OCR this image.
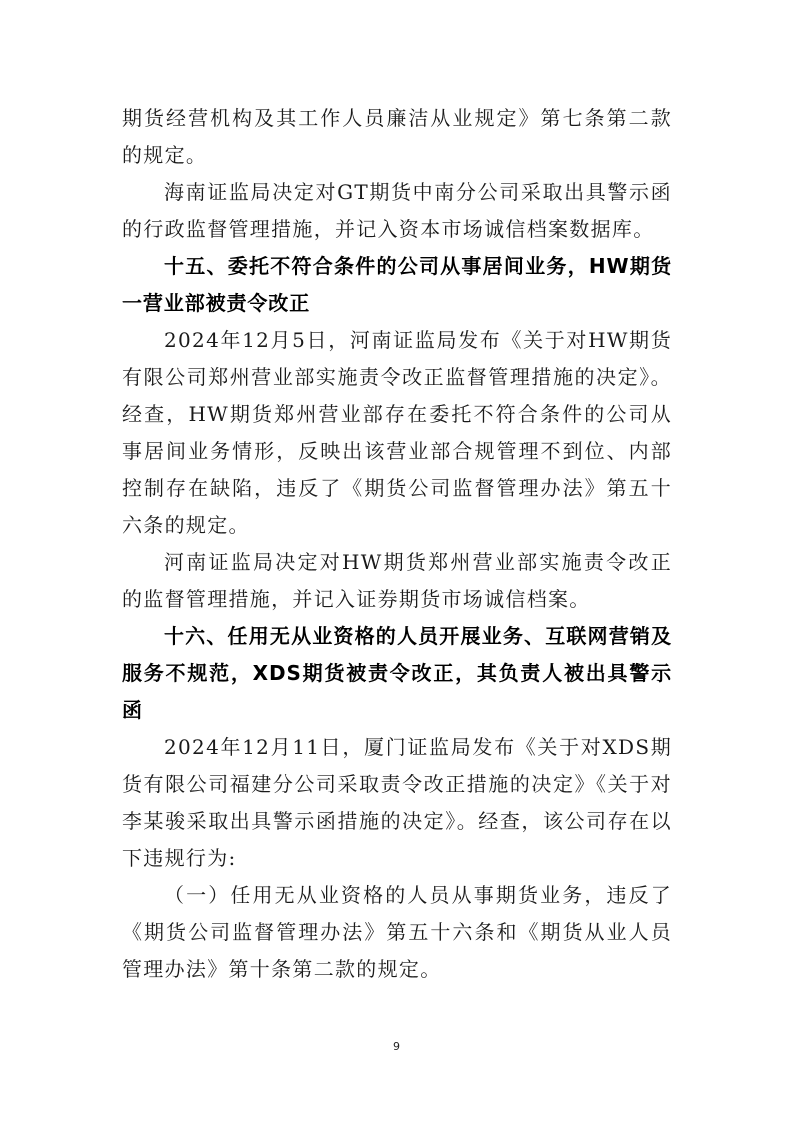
期货经营机构及其工作人员廉洁从业规定》第七条第二款的规定。

海南证监局决定对GT期货中南分公司采取出具警示函的行政监督管理措施，并记入资本市场诚信档案数据库。

十五、委托不符合条件的公司从事居间业务，HW期货一营业部被责令改正

2024年12月5日，河南证监局发布《关于对HW期货有限公司郑州营业部实施责令改正监督管理措施的决定》。经查，HW期货郑州营业部存在委托不符合条件的公司从事居间业务情形，反映出该营业部合规管理不到位、内部控制存在缺陷，违反了《期货公司监督管理办法》第五十六条的规定。

河南证监局决定对HW期货郑州营业部实施责令改正的监督管理措施，并记入证券期货市场诚信档案。

十六、任用无从业资格的人员开展业务、互联网营销及服务不规范，XDS期货被责令改正，其负责人被出具警示函

2024年12月11日，厦门证监局发布《关于对XDS期货有限公司福建分公司采取责令改正措施的决定》《关于对李某骏采取出具警示函措施的决定》。经查，该公司存在以下违规行为:

（一）任用无从业资格的人员从事期货业务，违反了《期货公司监督管理办法》第五十六条和《期货从业人员管理办法》第十条第二款的规定。

9
